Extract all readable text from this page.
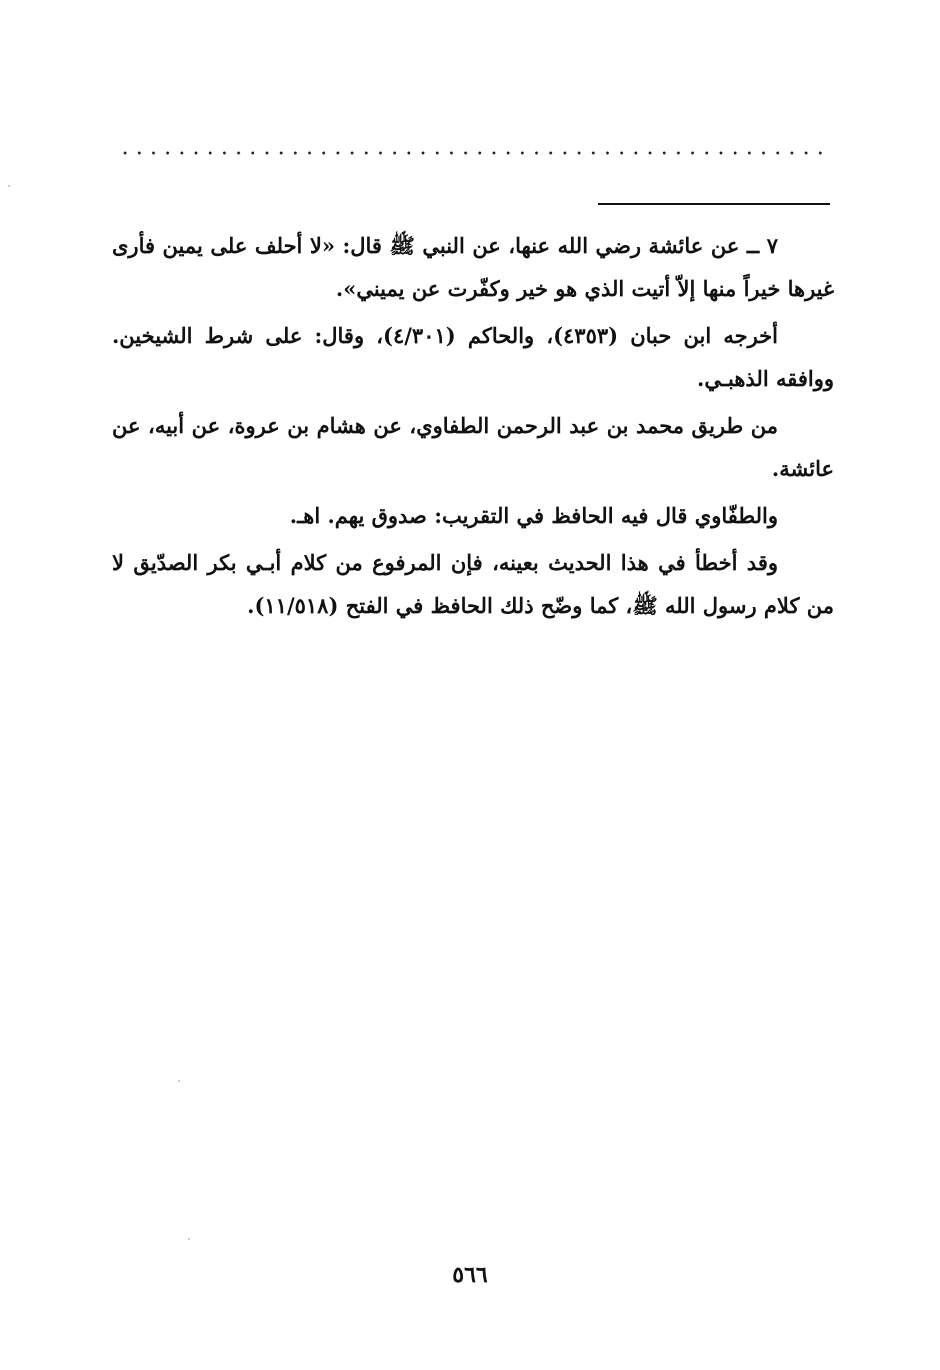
٧ ــ عن عائشة رضي الله عنها، عن النبي ﷺ قال: «لا أحلف على يمين فأرى غيرها خيراً منها إلاّ أتيت الذي هو خير وكفّرت عن يميني».

أخرجه ابن حبان (٤٣٥٣)، والحاكم (٤/٣٠١)، وقال: على شرط الشيخين. ووافقه الذهبـي.

من طريق محمد بن عبد الرحمن الطفاوي، عن هشام بن عروة، عن أبيه، عن عائشة.

والطفّاوي قال فيه الحافظ في التقريب: صدوق يهم. اهـ.

وقد أخطأ في هذا الحديث بعينه، فإن المرفوع من كلام أبـي بكر الصدّيق لا من كلام رسول الله ﷺ، كما وضّح ذلك الحافظ في الفتح (١١/٥١٨).

٥٦٦
